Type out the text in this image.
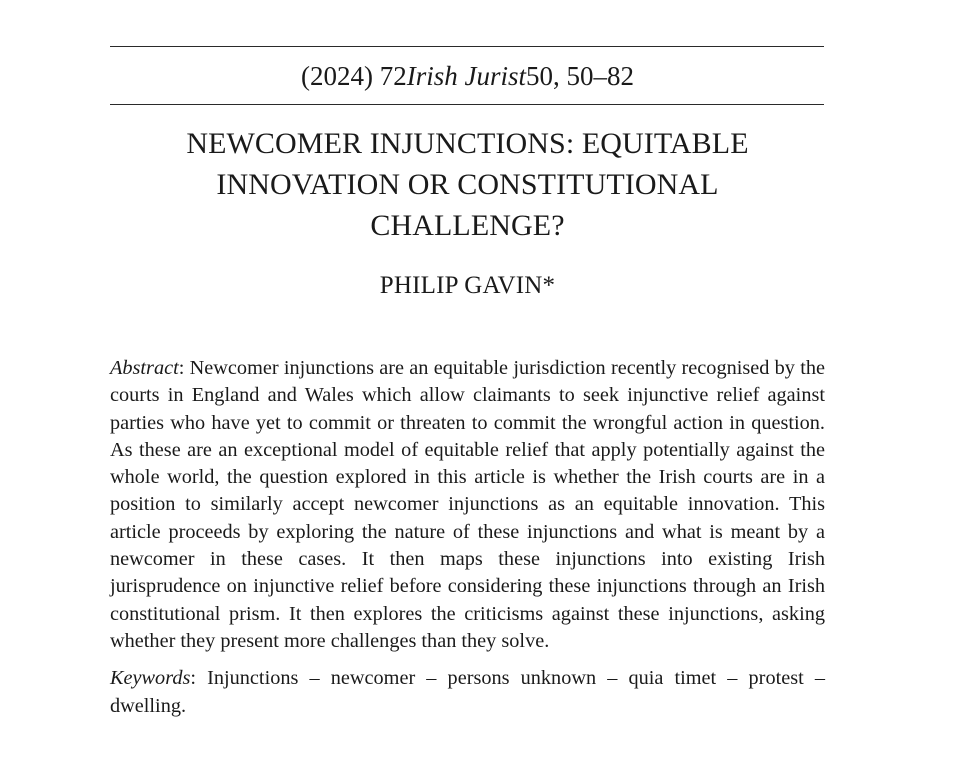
(2024) 72 Irish Jurist 50, 50–82
NEWCOMER INJUNCTIONS: EQUITABLE
INNOVATION OR CONSTITUTIONAL
CHALLENGE?
PHILIP GAVIN*

Abstract: Newcomer injunctions are an equitable jurisdiction recently recognised by the courts in England and Wales which allow claimants to seek injunctive relief against parties who have yet to commit or threaten to commit the wrongful action in question. As these are an exceptional model of equitable relief that apply potentially against the whole world, the question explored in this article is whether the Irish courts are in a position to similarly accept newcomer injunctions as an equitable innovation. This article proceeds by exploring the nature of these injunctions and what is meant by a newcomer in these cases. It then maps these injunctions into existing Irish jurisprudence on injunctive relief before considering these injunctions through an Irish constitutional prism. It then explores the criticisms against these injunctions, asking whether they present more challenges than they solve.

Keywords: Injunctions – newcomer – persons unknown – quia timet – protest – dwelling.
